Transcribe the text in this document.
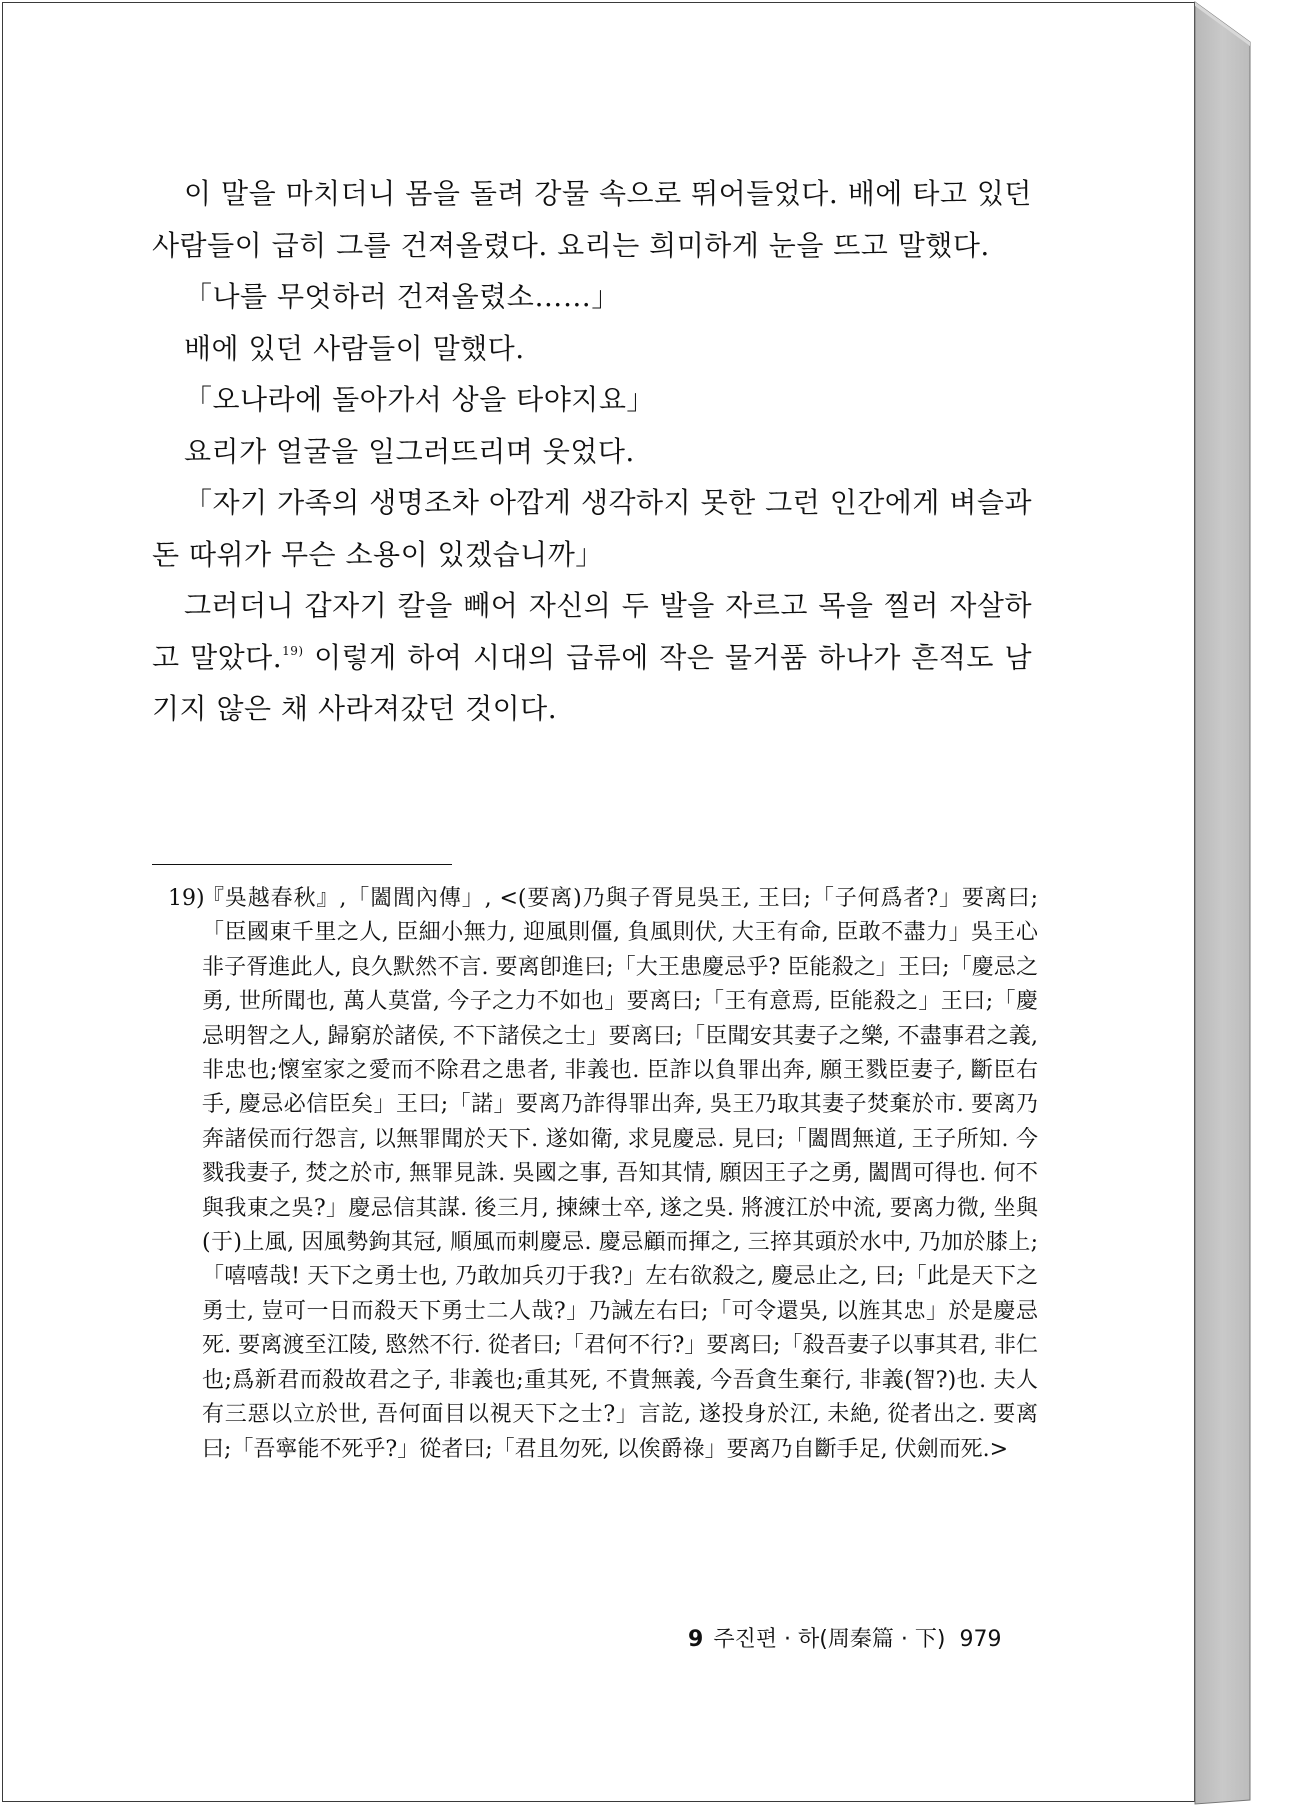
이 말을 마치더니 몸을 돌려 강물 속으로 뛰어들었다. 배에 타고 있던 사람들이 급히 그를 건져올렸다. 요리는 희미하게 눈을 뜨고 말했다.

「나를 무엇하러 건져올렸소……」

배에 있던 사람들이 말했다.

「오나라에 돌아가서 상을 타야지요」

요리가 얼굴을 일그러뜨리며 웃었다.

「자기 가족의 생명조차 아깝게 생각하지 못한 그런 인간에게 벼슬과 돈 따위가 무슨 소용이 있겠습니까」

그러더니 갑자기 칼을 빼어 자신의 두 발을 자르고 목을 찔러 자살하고 말았다.$^{19)}$ 이렇게 하여 시대의 급류에 작은 물거품 하나가 흔적도 남기지 않은 채 사라져갔던 것이다.

19)
『吳越春秋』,「闔閭內傳」, <(要离)乃與子胥見吳王, 王曰;「子何爲者?」要离曰;「臣國東千里之人, 臣細小無力, 迎風則僵, 負風則伏, 大王有命, 臣敢不盡力」吳王心非子胥進此人, 良久默然不言. 要离卽進曰;「大王患慶忌乎? 臣能殺之」王曰;「慶忌之勇, 世所聞也, 萬人莫當, 今子之力不如也」要离曰;「王有意焉, 臣能殺之」王曰;「慶忌明智之人, 歸窮於諸侯, 不下諸侯之士」要离曰;「臣聞安其妻子之樂, 不盡事君之義, 非忠也;懷室家之愛而不除君之患者, 非義也. 臣詐以負罪出奔, 願王戮臣妻子, 斷臣右手, 慶忌必信臣矣」王曰;「諾」要离乃詐得罪出奔, 吳王乃取其妻子焚棄於市. 要离乃奔諸侯而行怨言, 以無罪聞於天下. 遂如衛, 求見慶忌. 見曰;「闔閭無道, 王子所知. 今戮我妻子, 焚之於市, 無罪見誅. 吳國之事, 吾知其情, 願因王子之勇, 闔閭可得也. 何不與我東之吳?」慶忌信其謀. 後三月, 揀練士卒, 遂之吳. 將渡江於中流, 要离力微, 坐與(于)上風, 因風勢鉤其冠, 順風而刺慶忌. 慶忌顧而揮之, 三捽其頭於水中, 乃加於膝上;「嘻嘻哉! 天下之勇士也, 乃敢加兵刃于我?」左右欲殺之, 慶忌止之, 曰;「此是天下之勇士, 豈可一日而殺天下勇士二人哉?」乃誡左右曰;「可令還吳, 以旌其忠」於是慶忌死. 要离渡至江陵, 愍然不行. 從者曰;「君何不行?」要离曰;「殺吾妻子以事其君, 非仁也;爲新君而殺故君之子, 非義也;重其死, 不貴無義, 今吾貪生棄行, 非義(智?)也. 夫人有三惡以立於世, 吾何面目以視天下之士?」言訖, 遂投身於江, 未絶, 從者出之. 要离曰;「吾寧能不死乎?」從者曰;「君且勿死, 以俟爵祿」要离乃自斷手足, 伏劍而死.>
9 주진편 · 하(周秦篇 · 下) 979
